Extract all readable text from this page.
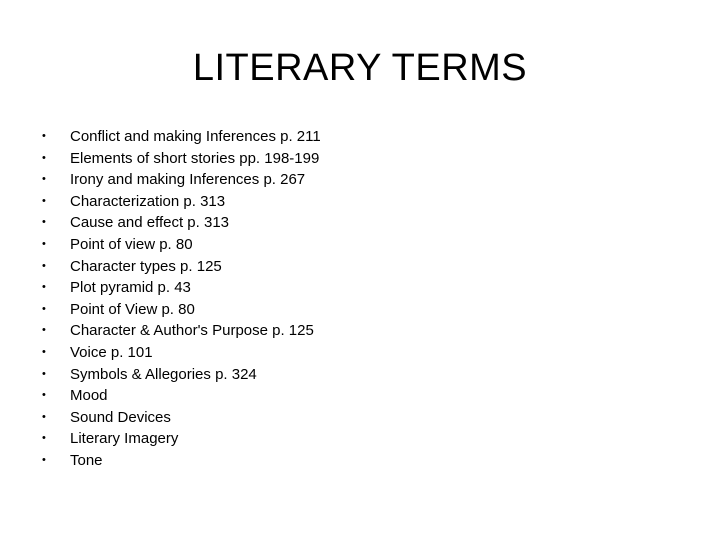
LITERARY TERMS
• Conflict and making Inferences p. 211
• Elements of short stories pp. 198-199
• Irony and making Inferences p. 267
• Characterization p. 313
• Cause and effect p. 313
• Point of view p. 80
• Character types p. 125
• Plot pyramid p. 43
• Point of View p. 80
• Character & Author's Purpose p. 125
• Voice p. 101
• Symbols & Allegories p. 324
• Mood
• Sound Devices
• Literary Imagery
• Tone
